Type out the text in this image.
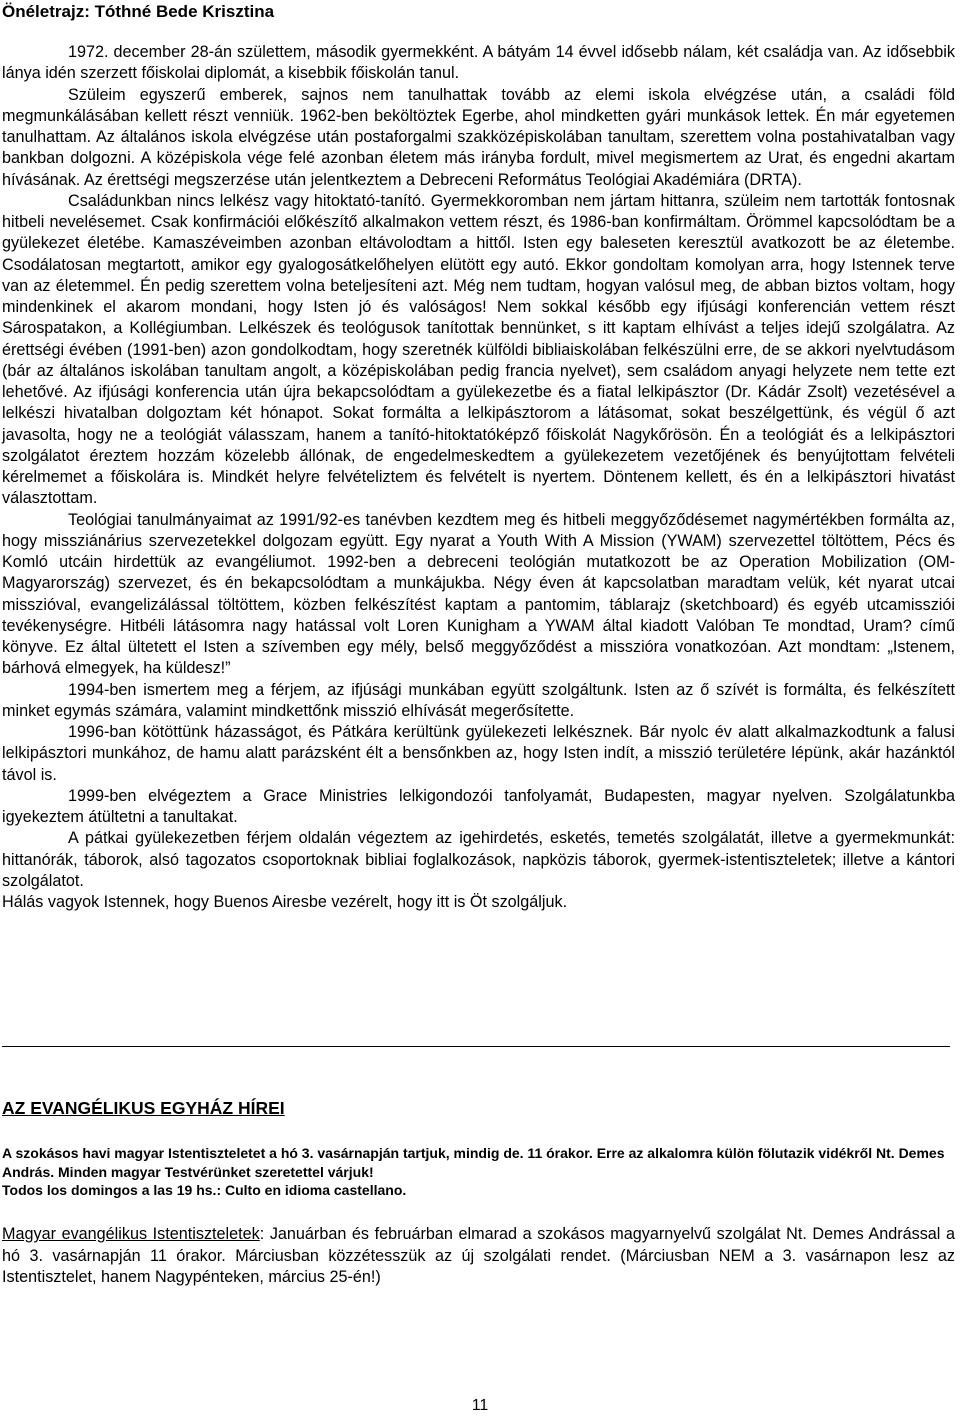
Önéletrajz: Tóthné Bede Krisztina

1972. december 28-án születtem, második gyermekként. A bátyám 14 évvel idősebb nálam, két családja van. Az idősebbik lánya idén szerzett főiskolai diplomát, a kisebbik főiskolán tanul.

Szüleim egyszerű emberek, sajnos nem tanulhattak tovább az elemi iskola elvégzése után, a családi föld megmunkálásában kellett részt venniük. 1962-ben beköltöztek Egerbe, ahol mindketten gyári munkások lettek. Én már egyetemen tanulhattam. Az általános iskola elvégzése után postaforgalmi szakközépiskolában tanultam, szerettem volna postahivatalban vagy bankban dolgozni. A középiskola vége felé azonban életem más irányba fordult, mivel megismertem az Urat, és engedni akartam hívásának. Az érettségi megszerzése után jelentkeztem a Debreceni Református Teológiai Akadémiára (DRTA).

Családunkban nincs lelkész vagy hitoktató-tanító. Gyermekkoromban nem jártam hittanra, szüleim nem tartották fontosnak hitbeli nevelésemet. Csak konfirmációi előkészítő alkalmakon vettem részt, és 1986-ban konfirmáltam. Örömmel kapcsolódtam be a gyülekezet életébe. Kamaszéveimben azonban eltávolodtam a hittől. Isten egy baleseten keresztül avatkozott be az életembe. Csodálatosan megtartott, amikor egy gyalogosátkelőhelyen elütött egy autó. Ekkor gondoltam komolyan arra, hogy Istennek terve van az életemmel. Én pedig szerettem volna beteljesíteni azt. Még nem tudtam, hogyan valósul meg, de abban biztos voltam, hogy mindenkinek el akarom mondani, hogy Isten jó és valóságos! Nem sokkal később egy ifjúsági konferencián vettem részt Sárospatakon, a Kollégiumban. Lelkészek és teológusok tanítottak bennünket, s itt kaptam elhívást a teljes idejű szolgálatra. Az érettségi évében (1991-ben) azon gondolkodtam, hogy szeretnék külföldi bibliaiskolában felkészülni erre, de se akkori nyelvtudásom (bár az általános iskolában tanultam angolt, a középiskolában pedig francia nyelvet), sem családom anyagi helyzete nem tette ezt lehetővé. Az ifjúsági konferencia után újra bekapcsolódtam a gyülekezetbe és a fiatal lelkipásztor (Dr. Kádár Zsolt) vezetésével a lelkészi hivatalban dolgoztam két hónapot. Sokat formálta a lelkipásztorom a látásomat, sokat beszélgettünk, és végül ő azt javasolta, hogy ne a teológiát válasszam, hanem a tanító-hitoktatóképző főiskolát Nagykőrösön. Én a teológiát és a lelkipásztori szolgálatot éreztem hozzám közelebb állónak, de engedelmeskedtem a gyülekezetem vezetőjének és benyújtottam felvételi kérelmemet a főiskolára is. Mindkét helyre felvételiztem és felvételt is nyertem. Döntenem kellett, és én a lelkipásztori hivatást választottam.

Teológiai tanulmányaimat az 1991/92-es tanévben kezdtem meg és hitbeli meggyőződésemet nagymértékben formálta az, hogy missziánárius szervezetekkel dolgozam együtt. Egy nyarat a Youth With A Mission (YWAM) szervezettel töltöttem, Pécs és Komló utcáin hirdettük az evangéliumot. 1992-ben a debreceni teológián mutatkozott be az Operation Mobilization (OM-Magyarország) szervezet, és én bekapcsolódtam a munkájukba. Négy éven át kapcsolatban maradtam velük, két nyarat utcai misszióval, evangelizálással töltöttem, közben felkészítést kaptam a pantomim, táblarajz (sketchboard) és egyéb utcamissziói tevékenységre. Hitbéli látásomra nagy hatással volt Loren Kunigham a YWAM által kiadott Valóban Te mondtad, Uram? című könyve. Ez által ültetett el Isten a szívemben egy mély, belső meggyőződést a misszióra vonatkozóan. Azt mondtam: „Istenem, bárhová elmegyek, ha küldesz!”

1994-ben ismertem meg a férjem, az ifjúsági munkában együtt szolgáltunk. Isten az ő szívét is formálta, és felkészített minket egymás számára, valamint mindkettőnk misszió elhívását megerősítette.

1996-ban kötöttünk házasságot, és Pátkára kerültünk gyülekezeti lelkésznek. Bár nyolc év alatt alkalmazkodtunk a falusi lelkipásztori munkához, de hamu alatt parázsként élt a bensőnkben az, hogy Isten indít, a misszió területére lépünk, akár hazánktól távol is.

1999-ben elvégeztem a Grace Ministries lelkigondozói tanfolyamát, Budapesten, magyar nyelven. Szolgálatunkba igyekeztem átültetni a tanultakat.

A pátkai gyülekezetben férjem oldalán végeztem az igehirdetés, esketés, temetés szolgálatát, illetve a gyermekmunkát: hittanórák, táborok, alsó tagozatos csoportoknak bibliai foglalkozások, napközis táborok, gyermek-istentiszteletek; illetve a kántori szolgálatot.

Hálás vagyok Istennek, hogy Buenos Airesbe vezérelt, hogy itt is Öt szolgáljuk.

AZ EVANGÉLIKUS EGYHÁZ HÍREI

A szokásos havi magyar Istentiszteletet a hó 3. vasárnapján tartjuk, mindig de. 11 órakor. Erre az alkalomra külön fölutazik vidékről Nt. Demes András. Minden magyar Testvérünket szeretettel várjuk!

Todos los domingos a las 19 hs.: Culto en idioma castellano.

Magyar evangélikus Istentiszteletek: Januárban és februárban elmarad a szokásos magyarnyelvű szolgálat Nt. Demes Andrással a hó 3. vasárnapján 11 órakor. Márciusban közzétesszük az új szolgálati rendet. (Márciusban NEM a 3. vasárnapon lesz az Istentisztelet, hanem Nagypénteken, március 25-én!)
11
